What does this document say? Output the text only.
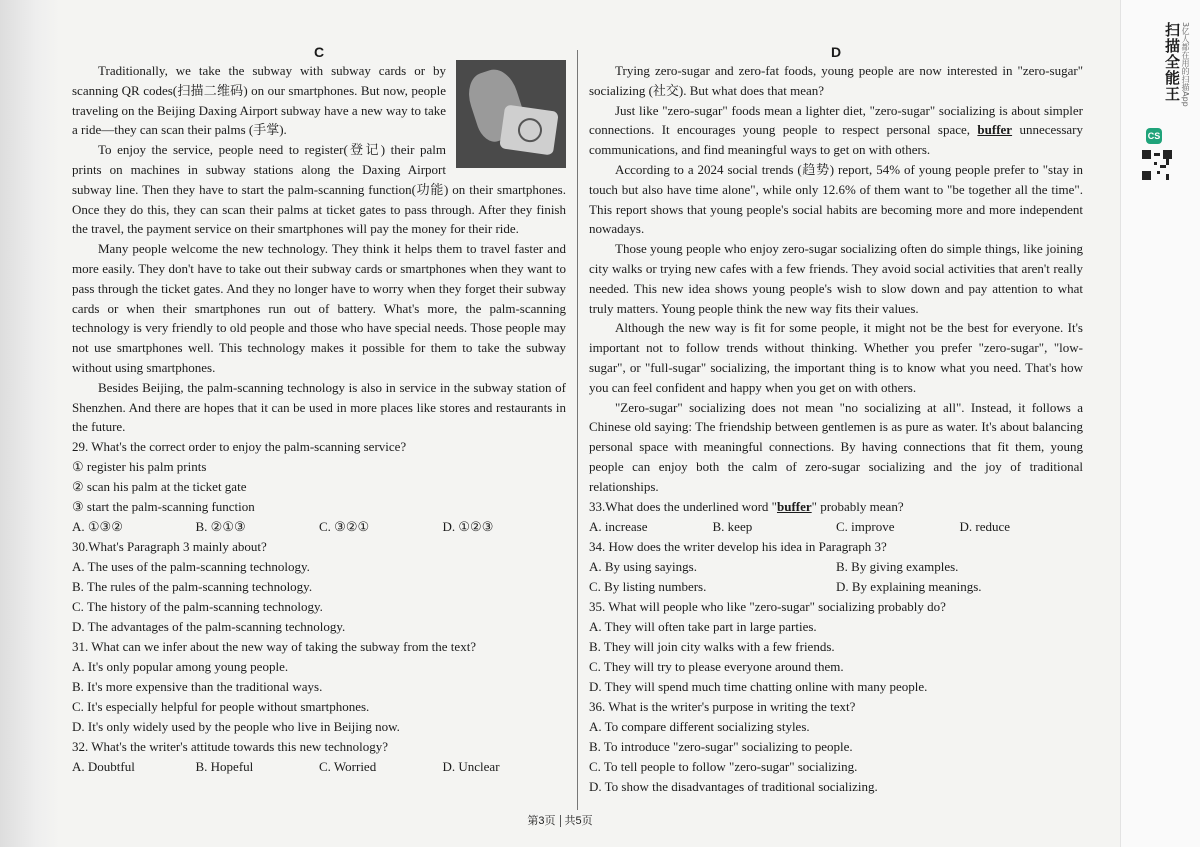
C

Traditionally, we take the subway with subway cards or by scanning QR codes(扫描二维码) on our smartphones. But now, people traveling on the Beijing Daxing Airport subway have a new way to take a ride—they can scan their palms (手掌).

To enjoy the service, people need to register(登记) their palm prints on machines in subway stations along the Daxing Airport subway line. Then they have to start the palm-scanning function(功能) on their smartphones. Once they do this, they can scan their palms at ticket gates to pass through. After they finish the travel, the payment service on their smartphones will pay the money for their ride.

Many people welcome the new technology. They think it helps them to travel faster and more easily. They don't have to take out their subway cards or smartphones when they want to pass through the ticket gates. And they no longer have to worry when they forget their subway cards or when their smartphones run out of battery. What's more, the palm-scanning technology is very friendly to old people and those who have special needs. Those people may not use smartphones well. This technology makes it possible for them to take the subway without using smartphones.

Besides Beijing, the palm-scanning technology is also in service in the subway station of Shenzhen. And there are hopes that it can be used in more places like stores and restaurants in the future.

29. What's the correct order to enjoy the palm-scanning service?

① register his palm prints

② scan his palm at the ticket gate

③ start the palm-scanning function

A. ①③②	B. ②①③	C. ③②①	D. ①②③

30.What's Paragraph 3 mainly about?

A. The uses of the palm-scanning technology.

B. The rules of the palm-scanning technology.

C. The history of the palm-scanning technology.

D. The advantages of the palm-scanning technology.

31. What can we infer about the new way of taking the subway from the text?

A. It's only popular among young people.

B. It's more expensive than the traditional ways.

C. It's especially helpful for people without smartphones.

D. It's only widely used by the people who live in Beijing now.

32. What's the writer's attitude towards this new technology?

A. Doubtful	B. Hopeful	C. Worried	D. Unclear
D

Trying zero-sugar and zero-fat foods, young people are now interested in "zero-sugar" socializing (社交). But what does that mean?

Just like "zero-sugar" foods mean a lighter diet, "zero-sugar" socializing is about simpler connections. It encourages young people to respect personal space, buffer unnecessary communications, and find meaningful ways to get on with others.

According to a 2024 social trends (趋势) report, 54% of young people prefer to "stay in touch but also have time alone", while only 12.6% of them want to "be together all the time". This report shows that young people's social habits are becoming more and more independent nowadays.

Those young people who enjoy zero-sugar socializing often do simple things, like joining city walks or trying new cafes with a few friends. They avoid social activities that aren't really needed. This new idea shows young people's wish to slow down and pay attention to what truly matters. Young people think the new way fits their values.

Although the new way is fit for some people, it might not be the best for everyone. It's important not to follow trends without thinking. Whether you prefer "zero-sugar", "low-sugar", or "full-sugar" socializing, the important thing is to know what you need. That's how you can feel confident and happy when you get on with others.

"Zero-sugar" socializing does not mean "no socializing at all". Instead, it follows a Chinese old saying: The friendship between gentlemen is as pure as water. It's about balancing personal space with meaningful connections. By having connections that fit them, young people can enjoy both the calm of zero-sugar socializing and the joy of traditional relationships.

33.What does the underlined word "buffer" probably mean?

A. increase	B. keep	C. improve	D. reduce

34. How does the writer develop his idea in Paragraph 3?

A. By using sayings.	B. By giving examples.
C. By listing numbers.	D. By explaining meanings.

35. What will people who like "zero-sugar" socializing probably do?

A. They will often take part in large parties.

B. They will join city walks with a few friends.

C. They will try to please everyone around them.

D. They will spend much time chatting online with many people.

36. What is the writer's purpose in writing the text?

A. To compare different socializing styles.

B. To introduce "zero-sugar" socializing to people.

C. To tell people to follow "zero-sugar" socializing.

D. To show the disadvantages of traditional socializing.

第3页 共5页
扫描全能王 3亿人都在用的扫描App
CS
